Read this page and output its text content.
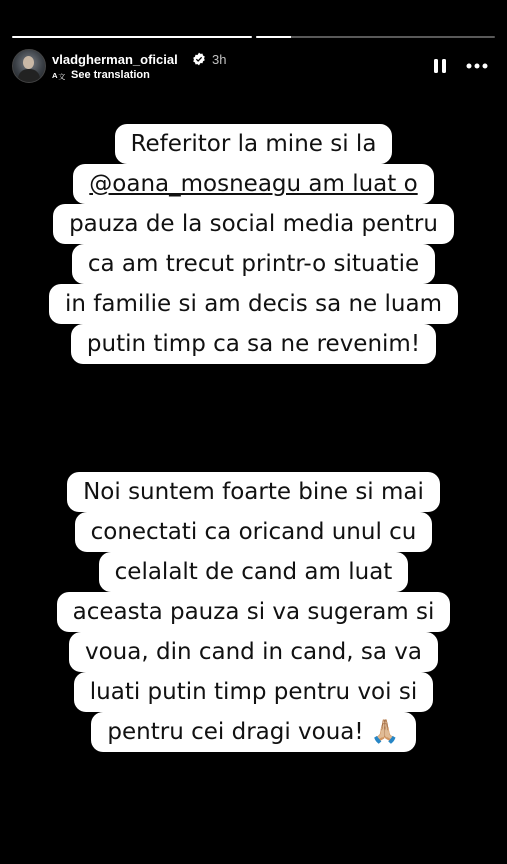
vladgherman_oficial	3h
A 文 See translation
Referitor la mine si la
@oana_mosneagu am luat o
pauza de la social media pentru
ca am trecut printr-o situatie
in familie si am decis sa ne luam
putin timp ca sa ne revenim!
Noi suntem foarte bine si mai
conectati ca oricand unul cu
celalalt de cand am luat
aceasta pauza si va sugeram si
voua, din cand in cand, sa va
luati putin timp pentru voi si
pentru cei dragi voua! 🙏🏼
